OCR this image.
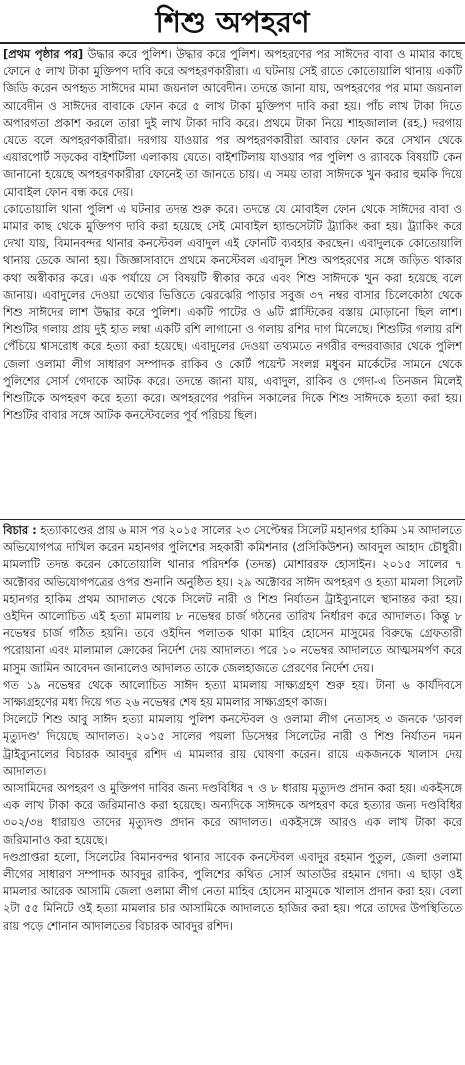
শিশু অপহরণ

[প্রথম পৃষ্ঠার পর] উদ্ধার করে পুলিশ। উদ্ধার করে পুলিশ। অপহরণের পর সাঈদের বাবা ও মামার কাছে ফোনে ৫ লাখ টাকা মুক্তিপণ দাবি করে অপহরণকারীরা। এ ঘটনায় সেই রাতে কোতোয়ালি থানায় একটি জিডি করেন অপহৃত সাঈদের মামা জয়নাল আবেদীন। তদন্তে জানা যায়, অপহরণের পর মামা জয়নাল আবেদীন ও সাঈদের বাবাকে ফোন করে ৫ লাখ টাকা মুক্তিপণ দাবি করা হয়। পাঁচ লাখ টাকা দিতে অপারগতা প্রকাশ করলে তারা দুই লাখ টাকা দাবি করে। প্রথমে টাকা নিয়ে শাহজালাল (রহ.) দরগায় যেতে বলে অপহরণকারীরা। দরগায় যাওয়ার পর অপহরণকারীরা আবার ফোন করে সেখান থেকে এয়ারপোর্ট সড়কের বাইশটিলা এলাকায় যেতে। বাইশটিলায় যাওয়ার পর পুলিশ ও র‌্যাবকে বিষয়টি কেন জানানো হয়েছে অপহরণকারীরা ফোনেই তা জানতে চায়। এ সময় তারা সাঈদকে খুন করার হুমকি দিয়ে মোবাইল ফোন বন্ধ করে দেয়।

কোতোয়ালি থানা পুলিশ এ ঘটনার তদন্ত শুরু করে। তদন্তে যে মোবাইল ফোন থেকে সাঈদের বাবা ও মামার কাছ থেকে মুক্তিপণ দাবি করা হয়েছে সেই মোবাইল হ্যান্ডসেটটি ট্র্যাকিং করা হয়। ট্র্যাকিং করে দেখা যায়, বিমানবন্দর থানার কনস্টেবল এবাদুল এই ফোনটি ব্যবহার করছেন। এবাদুলকে কোতোয়ালি থানায় ডেকে আনা হয়। জিজ্ঞাসাবাদে প্রথমে কনস্টেবল এবাদুল শিশু অপহরণের সঙ্গে জড়িত থাকার কথা অস্বীকার করে। এক পর্যায়ে সে বিষয়টি স্বীকার করে এবং শিশু সাঈদকে খুন করা হয়েছে বলে জানায়। এবাদুলের দেওয়া তথ্যের ভিত্তিতে ঝেরঝেরি পাড়ার সবুজ ৩৭ নম্বর বাসার চিলেকোঠা থেকে শিশু সাঈদের লাশ উদ্ধার করে পুলিশ। একটি পাটের ও ৬টি প্লাস্টিকের বস্তায় মোড়ানো ছিল লাশ। শিশুটির গলায় প্রায় দুই হাত লম্বা একটি রশি লাগানো ও গলায় রশির দাগ মিলেছে। শিশুটির গলায় রশি পেঁচিয়ে শ্বাসরোধ করে হত্যা করা হয়েছে। এবাদুলের দেওয়া তথ্যমতে নগরীর বন্দরবাজার থেকে পুলিশ জেলা ওলামা লীগ সাধারণ সম্পাদক রাকিব ও কোর্ট পয়েন্ট সংলগ্ন মধুবন মার্কেটের সামনে থেকে পুলিশের সোর্স গেদাকে আটক করে। তদন্তে জানা যায়, এবাদুল, রাকিব ও গেদা-এ তিনজন মিলেই শিশুটিকে অপহরণ করে হত্যা করে। অপহরণের পরদিন সকালের দিকে শিশু সাঈদকে হত্যা করা হয়। শিশুটির বাবার সঙ্গে আটক কনস্টেবলের পূর্ব পরিচয় ছিল।

বিচার : হত্যাকাণ্ডের প্রায় ৬ মাস পর ২০১৫ সালের ২৩ সেপ্টেম্বর সিলেট মহানগর হাকিম ১ম আদালতে অভিযোগপত্র দাখিল করেন মহানগর পুলিশের সহকারী কমিশনার (প্রসিকিউশন) আবদুল আহাদ চৌধুরী। মামলাটি তদন্ত করেন কোতোয়ালি থানার পরিদর্শক (তদন্ত) মোশাররফ হোসাইন। ২০১৫ সালের ৭ অক্টোবর অভিযোগপত্রের ওপর শুনানি অনুষ্ঠিত হয়। ২৯ অক্টোবর সাঈদ অপহরণ ও হত্যা মামলা সিলেট মহানগর হাকিম প্রথম আদালত থেকে সিলেট নারী ও শিশু নির্যাতন ট্রাইব্যুনালে স্থানান্তর করা হয়। ওইদিন আলোচিত এই হত্যা মামলায় ৮ নভেম্বর চার্জ গঠনের তারিখ নির্ধারণ করে আদালত। কিন্তু ৮ নভেম্বর চার্জ গঠিত হয়নি। তবে ওইদিন পলাতক থাকা মাহিব হোসেন মাসুমের বিরুদ্ধে গ্রেফতারী পরোয়ানা এবং মালামাল ক্রোকের নির্দেশ দেয় আদালত। পরে ১০ নভেম্বর আদালতে আত্মসমর্পণ করে মাসুম জামিন আবেদন জানালেও আদালত তাকে জেলহাজতে প্রেরণের নির্দেশ দেয়।

গত ১৯ নভেম্বর থেকে আলোচিত সাঈদ হত্যা মামলায় সাক্ষ্যগ্রহণ শুরু হয়। টানা ৬ কার্যদিবসে সাক্ষ্যগ্রহণের মধ্য দিয়ে গত ২৬ নভেম্বর শেষ হয় মামলার সাক্ষ্যগ্রহণ কাজ।

সিলেটে শিশু আবু সাঈদ হত্যা মামলায় পুলিশ কনস্টেবল ও ওলামা লীগ নেতাসহ ৩ জনকে 'ডাবল মৃত্যুদণ্ড' দিয়েছে আদালত। ২০১৫ সালের পয়লা ডিসেম্বর সিলেটের নারী ও শিশু নির্যাতন দমন ট্রাইব্যুনালের বিচারক আবদুর রশিদ এ মামলার রায় ঘোষণা করেন। রায়ে একজনকে খালাস দেয় আদালত।

আসামিদের অপহরণ ও মুক্তিপণ দাবির জন্য দণ্ডবিধির ৭ ও ৮ ধারায় মৃত্যুদণ্ড প্রদান করা হয়। একইসঙ্গে এক লাখ টাকা করে জরিমানাও করা হয়েছে। অন্যদিকে সাঈদকে অপহরণ করে হত্যার জন্য দণ্ডবিধির ৩০২/৩৪ ধারায়ও তাদের মৃত্যুদণ্ড প্রদান করে আদালত। একইসঙ্গে আরও এক লাখ টাকা করে জরিমানাও করা হয়েছে।

দণ্ডপ্রাপ্তরা হলো, সিলেটের বিমানবন্দর থানার সাবেক কনস্টেবল এবাদুর রহমান পুতুল, জেলা ওলামা লীগের সাধারণ সম্পাদক আবদুর রাকিব, পুলিশের কথিত সোর্স আতাউর রহমান গেদা। এ ছাড়া ওই মামলার আরেক আসামি জেলা ওলামা লীগ নেতা মাহিব হোসেন মাসুমকে খালাস প্রদান করা হয়। বেলা ২টা ৫৫ মিনিটে ওই হত্যা মামলার চার আসামিকে আদালতে হাজির করা হয়। পরে তাদের উপস্থিতিতে রায় পড়ে শোনান আদালতের বিচারক আবদুর রশিদ।
